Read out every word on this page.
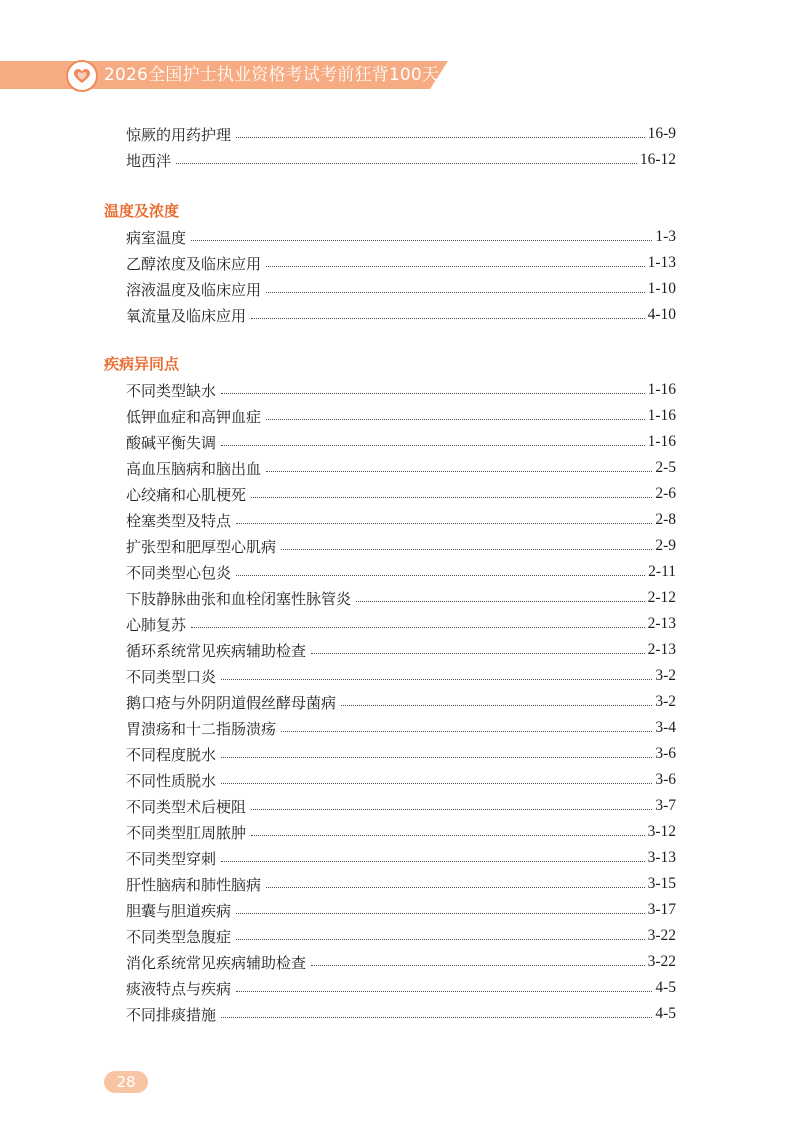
2026全国护士执业资格考试考前狂背100天
惊厥的用药护理	16-9
地西泮	16-12
温度及浓度
病室温度	1-3
乙醇浓度及临床应用	1-13
溶液温度及临床应用	1-10
氧流量及临床应用	4-10
疾病异同点
不同类型缺水	1-16
低钾血症和高钾血症	1-16
酸碱平衡失调	1-16
高血压脑病和脑出血	2-5
心绞痛和心肌梗死	2-6
栓塞类型及特点	2-8
扩张型和肥厚型心肌病	2-9
不同类型心包炎	2-11
下肢静脉曲张和血栓闭塞性脉管炎	2-12
心肺复苏	2-13
循环系统常见疾病辅助检查	2-13
不同类型口炎	3-2
鹅口疮与外阴阴道假丝酵母菌病	3-2
胃溃疡和十二指肠溃疡	3-4
不同程度脱水	3-6
不同性质脱水	3-6
不同类型术后梗阻	3-7
不同类型肛周脓肿	3-12
不同类型穿刺	3-13
肝性脑病和肺性脑病	3-15
胆囊与胆道疾病	3-17
不同类型急腹症	3-22
消化系统常见疾病辅助检查	3-22
痰液特点与疾病	4-5
不同排痰措施	4-5
28
